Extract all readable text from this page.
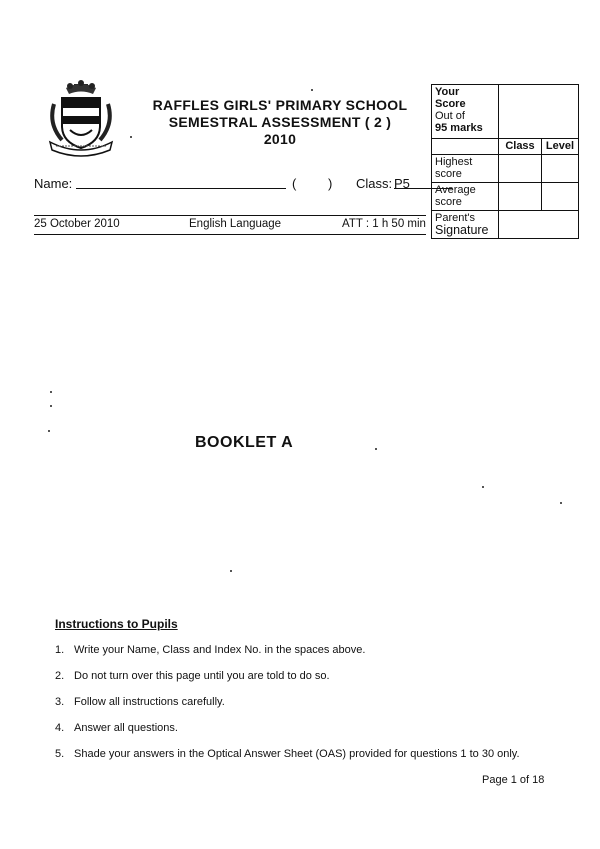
RAFFLES GIRLS' PRIMARY SCHOOL
SEMESTRAL ASSESSMENT ( 2 )
2010
Name:	( ) Class: P5
25 October 2010	English Language	ATT : 1 h 50 min
Your
Score
Out of
95 marks		

	Class	Level
Highest score		
Average score		

Parent's
Signature		

BOOKLET A
Instructions to Pupils
1. Write your Name, Class and Index No. in the spaces above.
2. Do not turn over this page until you are told to do so.
3. Follow all instructions carefully.
4. Answer all questions.
5. Shade your answers in the Optical Answer Sheet (OAS) provided for questions 1 to 30 only.
Page 1 of 18
